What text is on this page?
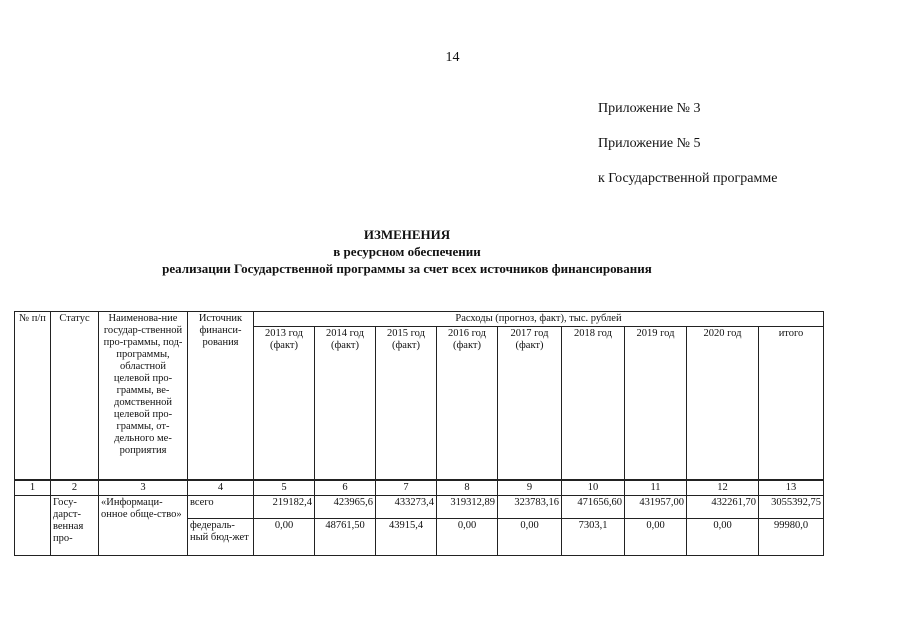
14
Приложение № 3
Приложение № 5
к Государственной программе
ИЗМЕНЕНИЯ
в ресурсном обеспечении
реализации Государственной программы за счет всех источников финансирования
№ п/п	Статус	Наименова-ние государ-ственной про-граммы, под-программы, областной целевой про-граммы, ве-домственной целевой про-граммы, от-дельного ме-роприятия	Источник финанси-рования	Расходы (прогноз, факт), тыс. рублей								
				2013 год (факт)	2014 год (факт)	2015 год (факт)	2016 год (факт)	2017 год (факт)	2018 год	2019 год	2020 год	итого
1	2	3	4	5	6	7	8	9	10	11	12	13
	Госу-дарст-венная про-	«Информаци-онное обще-ство»	всего	219182,4	423965,6	433273,4	319312,89	323783,16	471656,60	431957,00	432261,70	3055392,75
			федераль-ный бюд-жет	0,00	48761,50	43915,4	0,00	0,00	7303,1	0,00	0,00	99980,0
